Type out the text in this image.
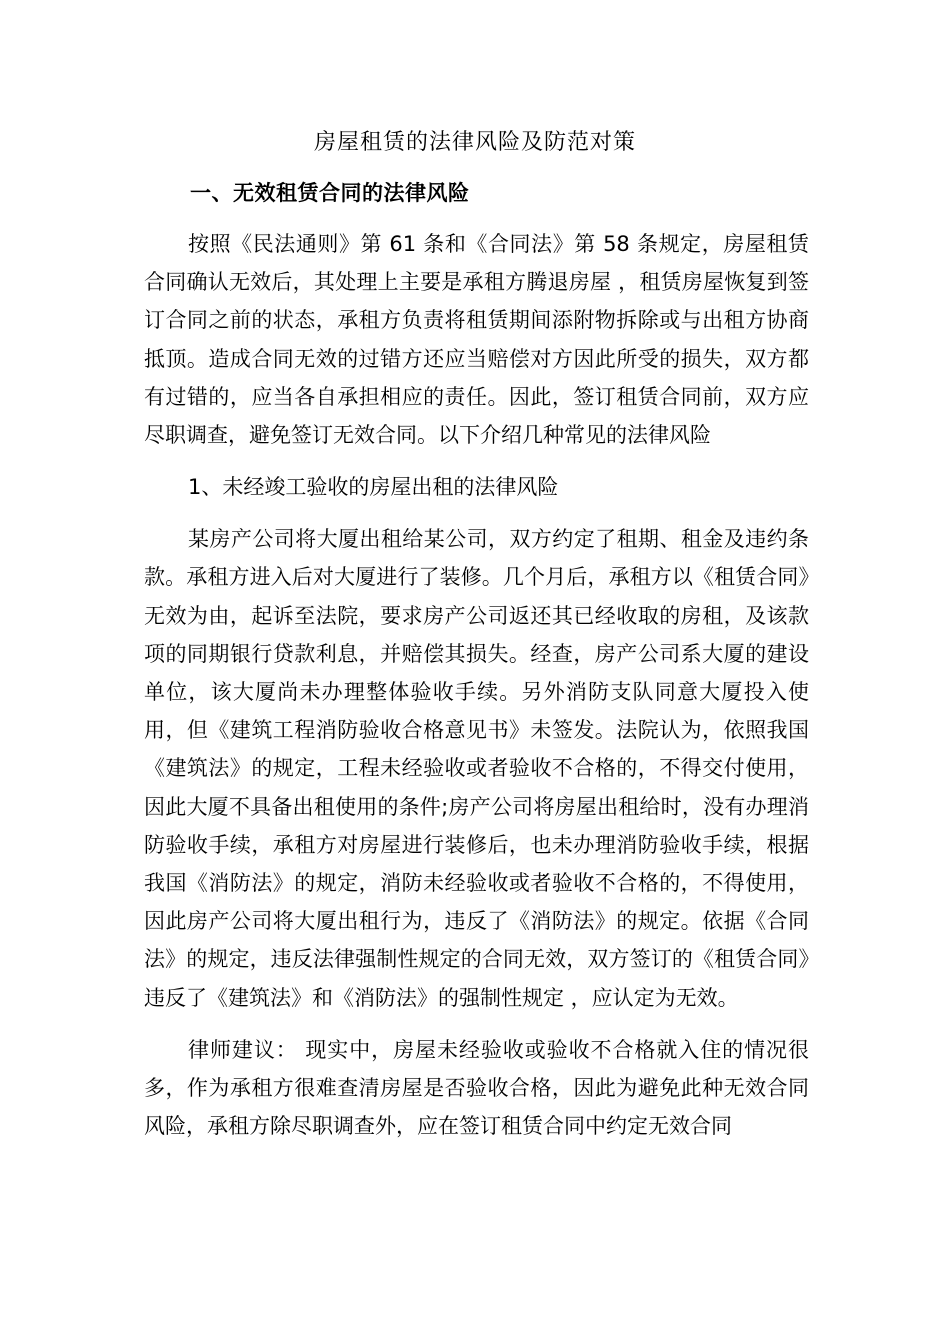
房屋租赁的法律风险及防范对策
一、无效租赁合同的法律风险

按照《民法通则》第 61 条和《合同法》第 58 条规定，房屋租赁合同确认无效后，其处理上主要是承租方腾退房屋 ，租赁房屋恢复到签订合同之前的状态，承租方负责将租赁期间添附物拆除或与出租方协商抵顶。造成合同无效的过错方还应当赔偿对方因此所受的损失，双方都有过错的，应当各自承担相应的责任。因此，签订租赁合同前，双方应尽职调查，避免签订无效合同。以下介绍几种常见的法律风险

1、未经竣工验收的房屋出租的法律风险

某房产公司将大厦出租给某公司，双方约定了租期、租金及违约条款。承租方进入后对大厦进行了装修。几个月后，承租方以《租赁合同》无效为由，起诉至法院，要求房产公司返还其已经收取的房租，及该款项的同期银行贷款利息，并赔偿其损失。经查，房产公司系大厦的建设单位，该大厦尚未办理整体验收手续。另外消防支队同意大厦投入使用，但《建筑工程消防验收合格意见书》未签发。法院认为，依照我国《建筑法》的规定，工程未经验收或者验收不合格的，不得交付使用，因此大厦不具备出租使用的条件;房产公司将房屋出租给时，没有办理消防验收手续，承租方对房屋进行装修后，也未办理消防验收手续，根据我国《消防法》的规定，消防未经验收或者验收不合格的，不得使用，因此房产公司将大厦出租行为，违反了《消防法》的规定。依据《合同法》的规定，违反法律强制性规定的合同无效，双方签订的《租赁合同》违反了《建筑法》和《消防法》的强制性规定 ，应认定为无效。

律师建议： 现实中，房屋未经验收或验收不合格就入住的情况很多，作为承租方很难查清房屋是否验收合格，因此为避免此种无效合同风险，承租方除尽职调查外，应在签订租赁合同中约定无效合同
